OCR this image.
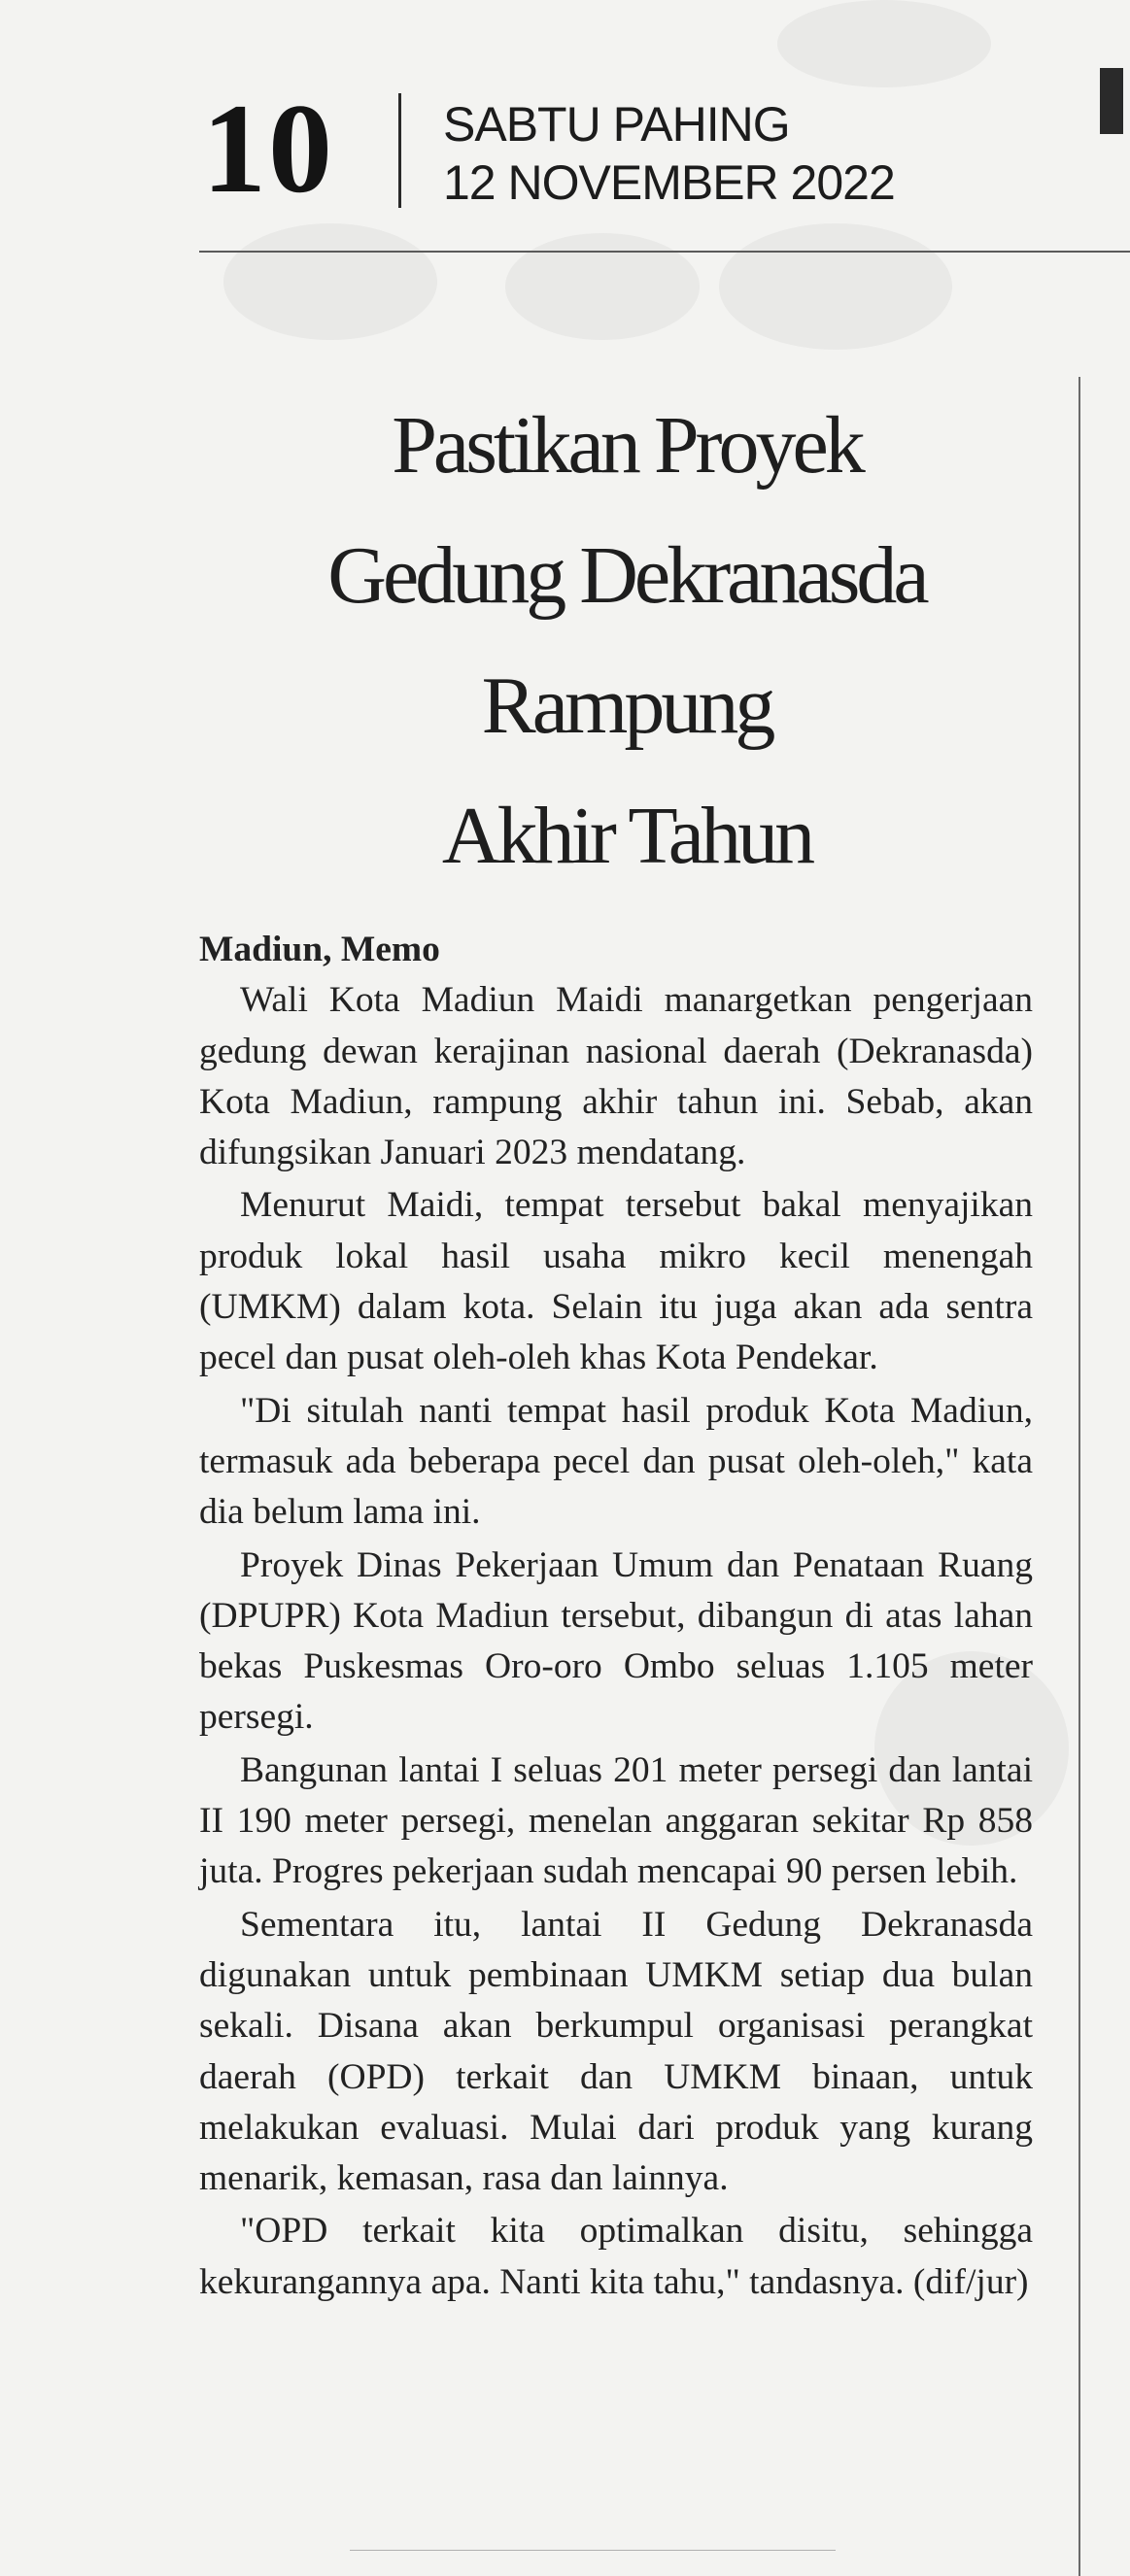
10 SABTU PAHING
12 NOVEMBER 2022
Pastikan Proyek
Gedung Dekranasda
Rampung
Akhir Tahun

Madiun, Memo

Wali Kota Madiun Maidi manargetkan pengerjaan gedung dewan kerajinan nasional daerah (Dekranasda) Kota Madiun, rampung akhir tahun ini. Sebab, akan difungsikan Januari 2023 mendatang.

Menurut Maidi, tempat tersebut bakal menyajikan produk lokal hasil usaha mikro kecil menengah (UMKM) dalam kota. Selain itu juga akan ada sentra pecel dan pusat oleh-oleh khas Kota Pendekar.

"Di situlah nanti tempat hasil produk Kota Madiun, termasuk ada beberapa pecel dan pusat oleh-oleh," kata dia belum lama ini.

Proyek Dinas Pekerjaan Umum dan Penataan Ruang (DPUPR) Kota Madiun tersebut, dibangun di atas lahan bekas Puskesmas Oro-oro Ombo seluas 1.105 meter persegi.

Bangunan lantai I seluas 201 meter persegi dan lantai II 190 meter persegi, menelan anggaran sekitar Rp 858 juta. Progres pekerjaan sudah mencapai 90 persen lebih.

Sementara itu, lantai II Gedung Dekranasda digunakan untuk pembinaan UMKM setiap dua bulan sekali. Disana akan berkumpul organisasi perangkat daerah (OPD) terkait dan UMKM binaan, untuk melakukan evaluasi. Mulai dari produk yang kurang menarik, kemasan, rasa dan lainnya.

"OPD terkait kita optimalkan disitu, sehingga kekurangannya apa. Nanti kita tahu," tandasnya. (dif/jur)
